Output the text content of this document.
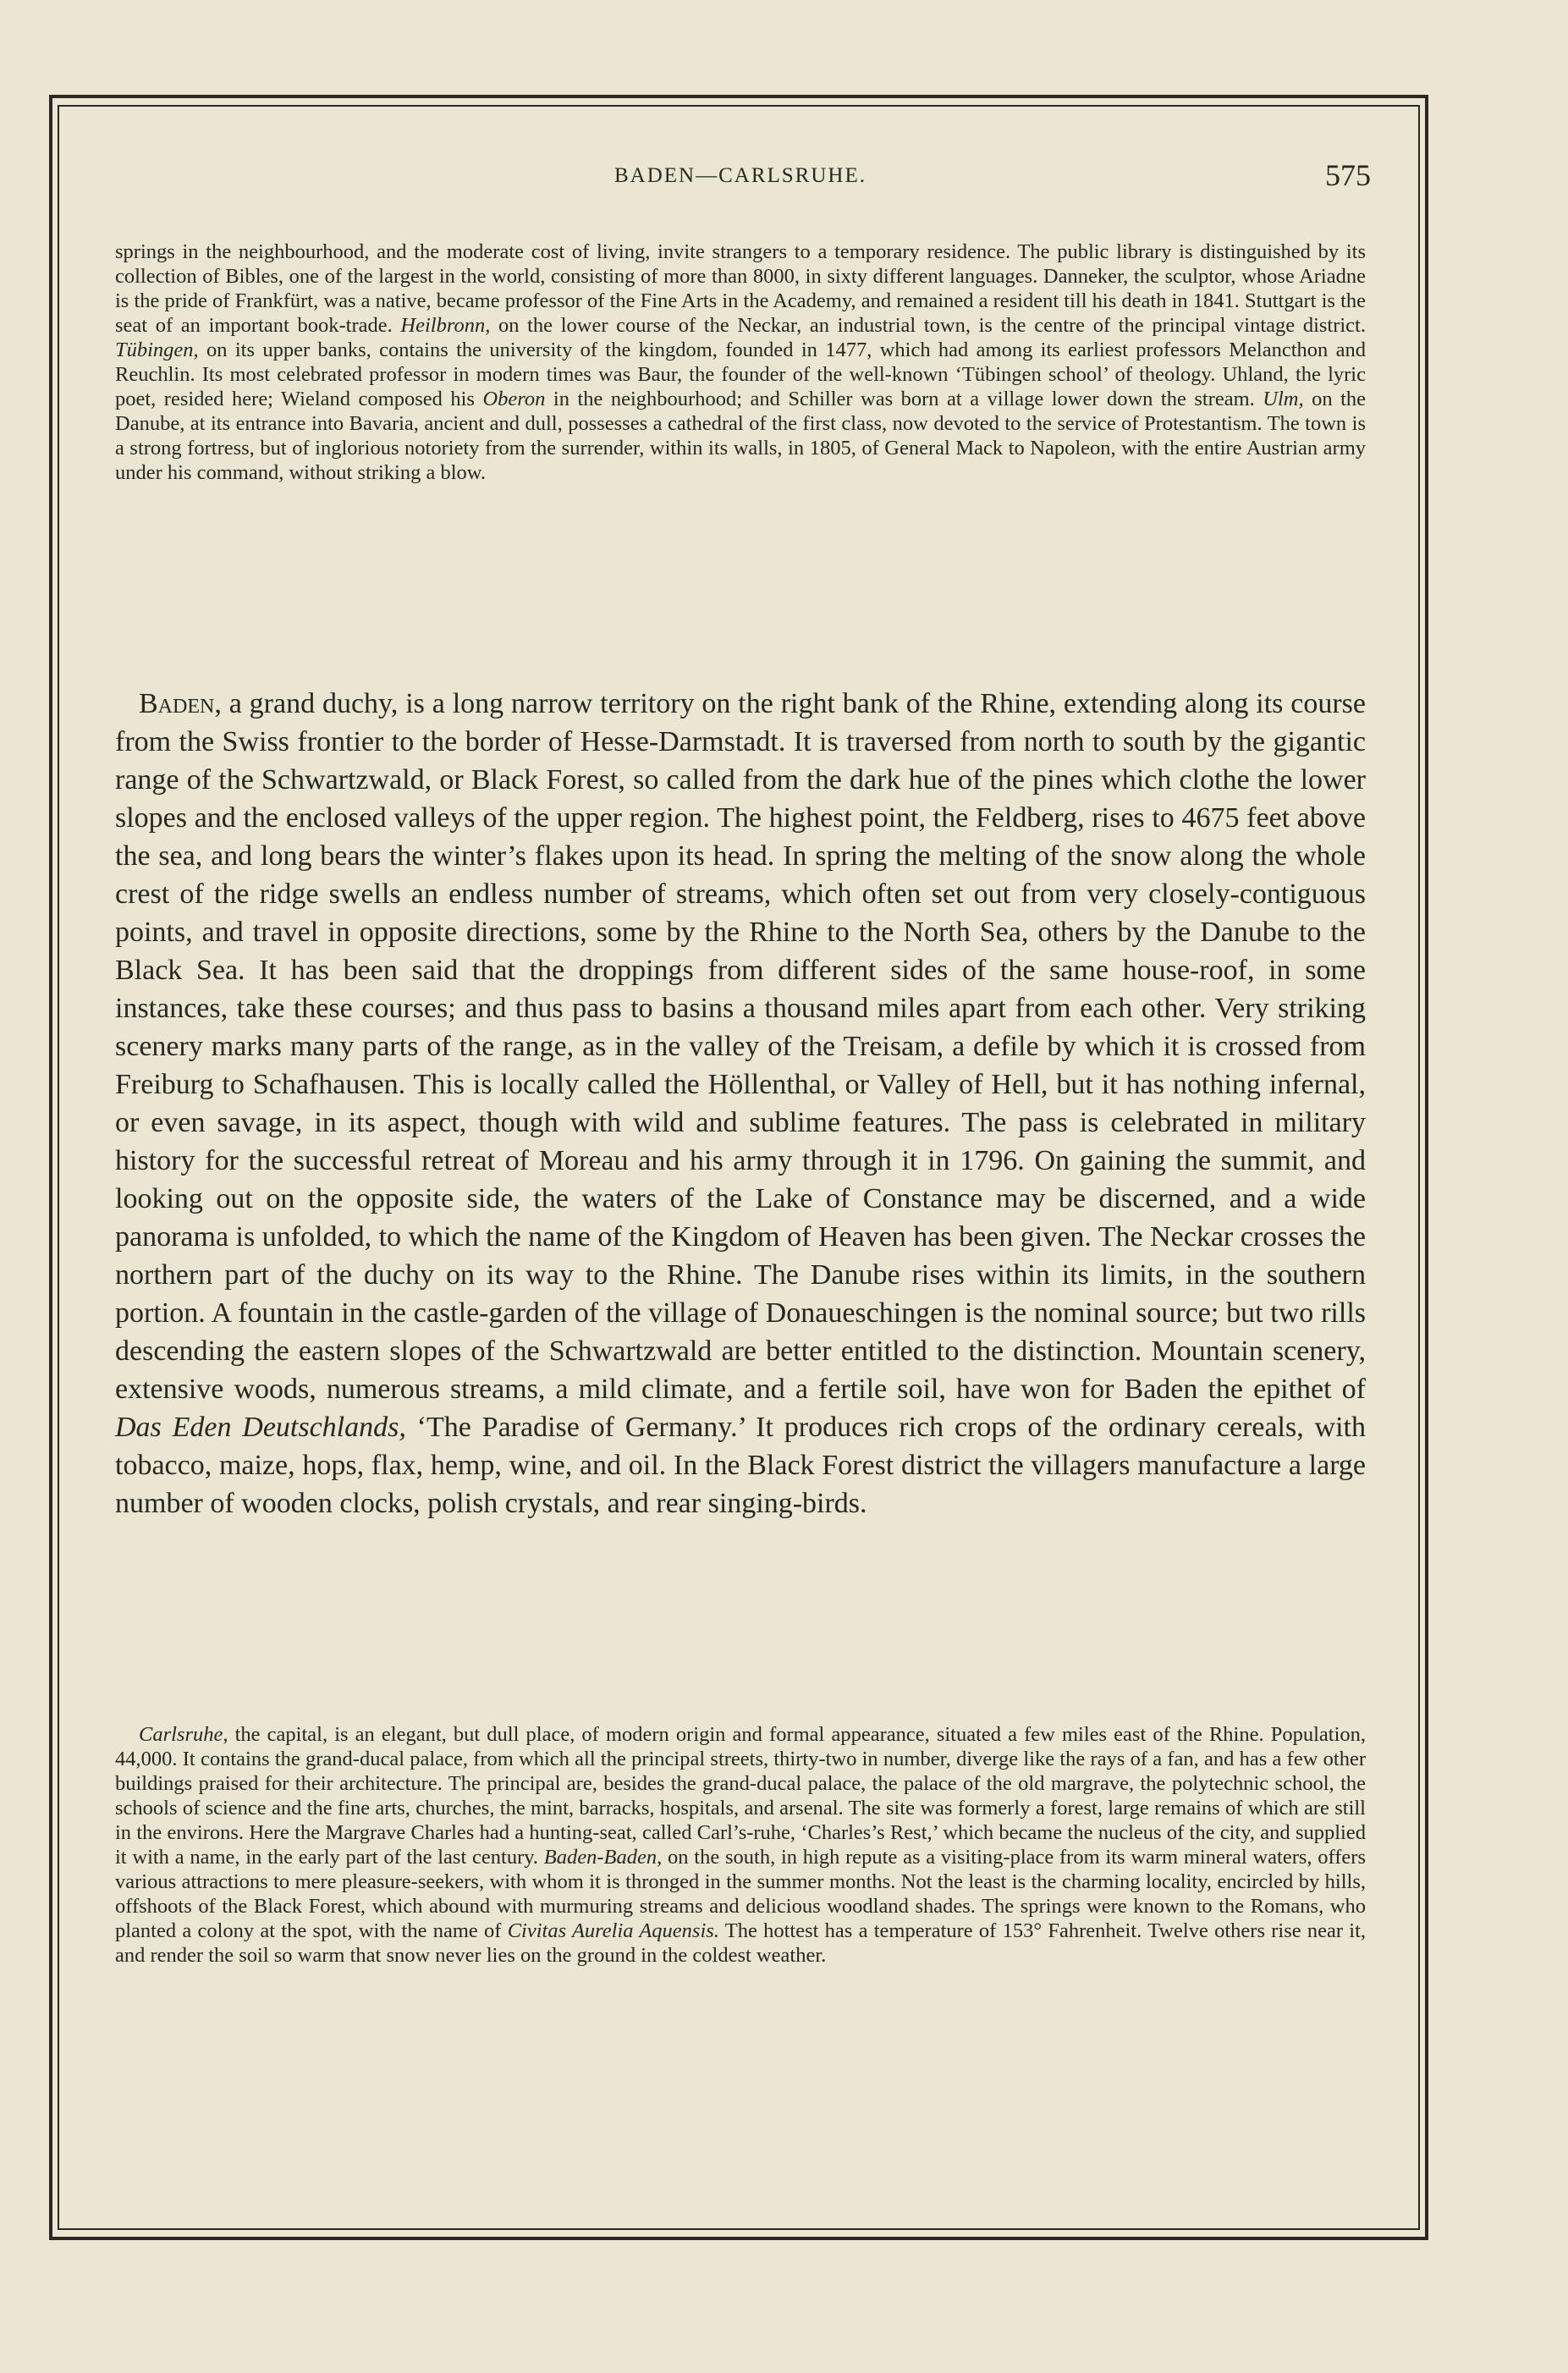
BADEN—CARLSRUHE.	575

springs in the neighbourhood, and the moderate cost of living, invite strangers to a temporary residence. The public library is distinguished by its collection of Bibles, one of the largest in the world, consisting of more than 8000, in sixty different languages. Danneker, the sculptor, whose Ariadne is the pride of Frankfürt, was a native, became professor of the Fine Arts in the Academy, and remained a resident till his death in 1841. Stuttgart is the seat of an important book-trade. Heilbronn, on the lower course of the Neckar, an industrial town, is the centre of the principal vintage district. Tübingen, on its upper banks, contains the university of the kingdom, founded in 1477, which had among its earliest professors Melancthon and Reuchlin. Its most celebrated professor in modern times was Baur, the founder of the well-known ‘Tübingen school’ of theology. Uhland, the lyric poet, resided here; Wieland composed his Oberon in the neighbourhood; and Schiller was born at a village lower down the stream. Ulm, on the Danube, at its entrance into Bavaria, ancient and dull, possesses a cathedral of the first class, now devoted to the service of Protestantism. The town is a strong fortress, but of inglorious notoriety from the surrender, within its walls, in 1805, of General Mack to Napoleon, with the entire Austrian army under his command, without striking a blow.

Baden, a grand duchy, is a long narrow territory on the right bank of the Rhine, extending along its course from the Swiss frontier to the border of Hesse-Darmstadt. It is traversed from north to south by the gigantic range of the Schwartzwald, or Black Forest, so called from the dark hue of the pines which clothe the lower slopes and the enclosed valleys of the upper region. The highest point, the Feldberg, rises to 4675 feet above the sea, and long bears the winter’s flakes upon its head. In spring the melting of the snow along the whole crest of the ridge swells an endless number of streams, which often set out from very closely-contiguous points, and travel in opposite directions, some by the Rhine to the North Sea, others by the Danube to the Black Sea. It has been said that the droppings from different sides of the same house-roof, in some instances, take these courses; and thus pass to basins a thousand miles apart from each other. Very striking scenery marks many parts of the range, as in the valley of the Treisam, a defile by which it is crossed from Freiburg to Schafhausen. This is locally called the Höllenthal, or Valley of Hell, but it has nothing infernal, or even savage, in its aspect, though with wild and sublime features. The pass is celebrated in military history for the successful retreat of Moreau and his army through it in 1796. On gaining the summit, and looking out on the opposite side, the waters of the Lake of Constance may be discerned, and a wide panorama is unfolded, to which the name of the Kingdom of Heaven has been given. The Neckar crosses the northern part of the duchy on its way to the Rhine. The Danube rises within its limits, in the southern portion. A fountain in the castle-garden of the village of Donaueschingen is the nominal source; but two rills descending the eastern slopes of the Schwartzwald are better entitled to the distinction. Mountain scenery, extensive woods, numerous streams, a mild climate, and a fertile soil, have won for Baden the epithet of Das Eden Deutschlands, ‘The Paradise of Germany.’ It produces rich crops of the ordinary cereals, with tobacco, maize, hops, flax, hemp, wine, and oil. In the Black Forest district the villagers manufacture a large number of wooden clocks, polish crystals, and rear singing-birds.

Carlsruhe, the capital, is an elegant, but dull place, of modern origin and formal appearance, situated a few miles east of the Rhine. Population, 44,000. It contains the grand-ducal palace, from which all the principal streets, thirty-two in number, diverge like the rays of a fan, and has a few other buildings praised for their architecture. The principal are, besides the grand-ducal palace, the palace of the old margrave, the polytechnic school, the schools of science and the fine arts, churches, the mint, barracks, hospitals, and arsenal. The site was formerly a forest, large remains of which are still in the environs. Here the Margrave Charles had a hunting-seat, called Carl’s-ruhe, ‘Charles’s Rest,’ which became the nucleus of the city, and supplied it with a name, in the early part of the last century. Baden-Baden, on the south, in high repute as a visiting-place from its warm mineral waters, offers various attractions to mere pleasure-seekers, with whom it is thronged in the summer months. Not the least is the charming locality, encircled by hills, offshoots of the Black Forest, which abound with murmuring streams and delicious woodland shades. The springs were known to the Romans, who planted a colony at the spot, with the name of Civitas Aurelia Aquensis. The hottest has a temperature of 153° Fahrenheit. Twelve others rise near it, and render the soil so warm that snow never lies on the ground in the coldest weather.
